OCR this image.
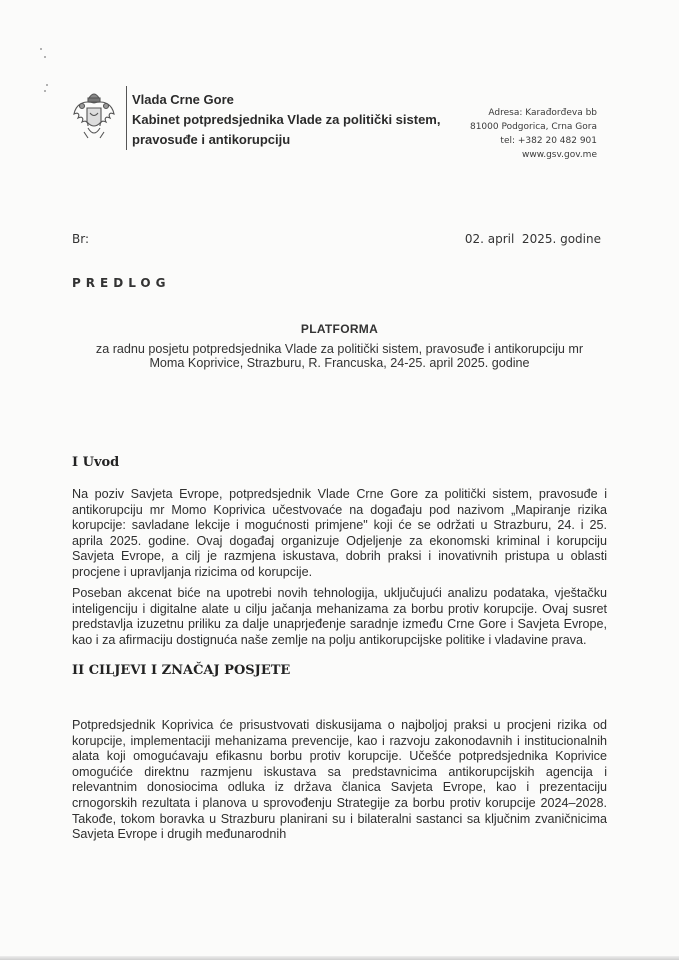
Vlada Crne Gore
Kabinet potpredsjednika Vlade za politički sistem,
pravosuđe i antikorupciju
Adresa: Karađorđeva bb
81000 Podgorica, Crna Gora
tel: +382 20 482 901
www.gsv.gov.me
Br:	02. april  2025. godine
PREDLOG
PLATFORMA
za radnu posjetu potpredsjednika Vlade za politički sistem, pravosuđe i antikorupciju mr
Moma Koprivice, Strazburu, R. Francuska, 24-25. april 2025. godine
I Uvod
Na poziv Savjeta Evrope, potpredsjednik Vlade Crne Gore za politički sistem, pravosuđe i antikorupciju mr Momo Koprivica učestvovaće na događaju pod nazivom „Mapiranje rizika korupcije: savladane lekcije i mogućnosti primjene" koji će se održati u Strazburu, 24. i 25. aprila 2025. godine. Ovaj događaj organizuje Odjeljenje za ekonomski kriminal i korupciju Savjeta Evrope, a cilj je razmjena iskustava, dobrih praksi i inovativnih pristupa u oblasti procjene i upravljanja rizicima od korupcije.
Poseban akcenat biće na upotrebi novih tehnologija, uključujući analizu podataka, vještačku inteligenciju i digitalne alate u cilju jačanja mehanizama za borbu protiv korupcije. Ovaj susret predstavlja izuzetnu priliku za dalje unaprjeđenje saradnje između Crne Gore i Savjeta Evrope, kao i za afirmaciju dostignuća naše zemlje na polju antikorupcijske politike i vladavine prava.
II CILJEVI I ZNAČAJ POSJETE
Potpredsjednik Koprivica će prisustvovati diskusijama o najboljoj praksi u procjeni rizika od korupcije, implementaciji mehanizama prevencije, kao i razvoju zakonodavnih i institucionalnih alata koji omogućavaju efikasnu borbu protiv korupcije. Učešće potpredsjednika Koprivice omogućiće direktnu razmjenu iskustava sa predstavnicima antikorupcijskih agencija i relevantnim donosiocima odluka iz država članica Savjeta Evrope, kao i prezentaciju crnogorskih rezultata i planova u sprovođenju Strategije za borbu protiv korupcije 2024–2028. Takođe, tokom boravka u Strazburu planirani su i bilateralni sastanci sa ključnim zvaničnicima Savjeta Evrope i drugih međunarodnih
